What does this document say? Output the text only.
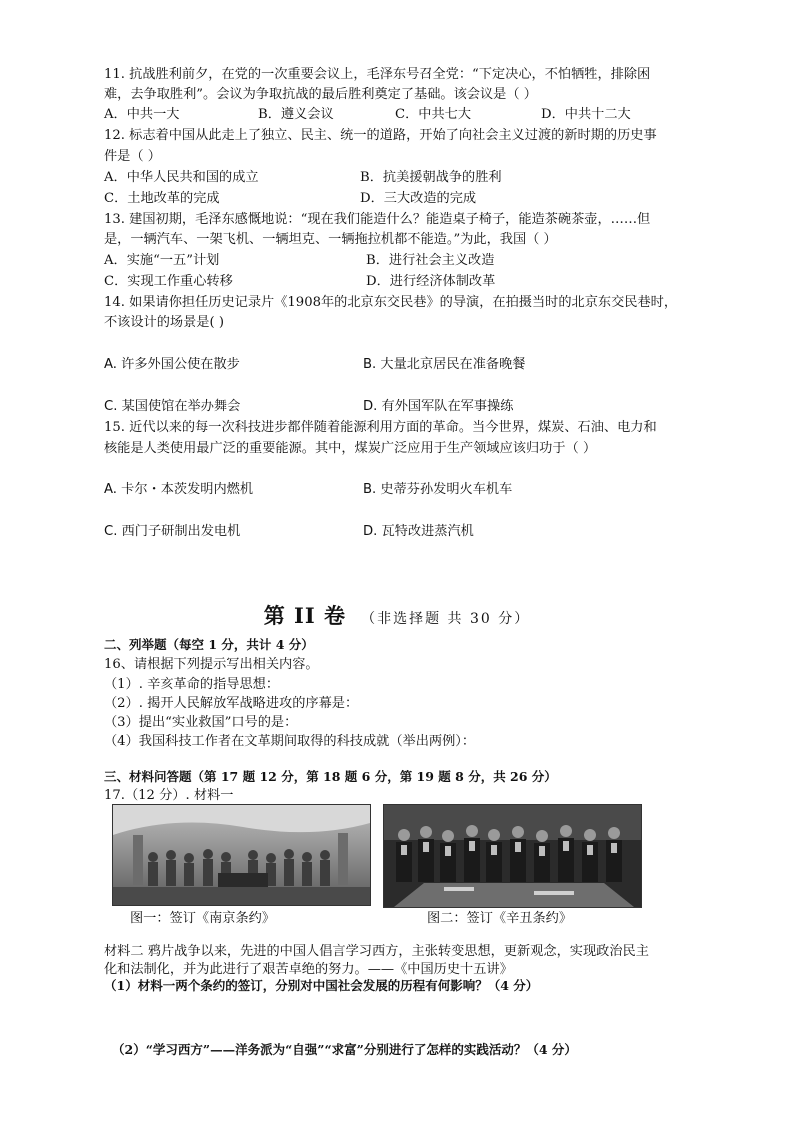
11. 抗战胜利前夕，在党的一次重要会议上，毛泽东号召全党：“下定决心，不怕牺牲，排除困
难，去争取胜利”。会议为争取抗战的最后胜利奠定了基础。该会议是（ ）
A．中共一大	B．遵义会议	C．中共七大	D．中共十二大
12. 标志着中国从此走上了独立、民主、统一的道路，开始了向社会主义过渡的新时期的历史事
件是（ ）
A．中华人民共和国的成立	B．抗美援朝战争的胜利
C．土地改革的完成	D．三大改造的完成
13. 建国初期，毛泽东感慨地说：“现在我们能造什么？能造桌子椅子，能造茶碗茶壶，……但
是，一辆汽车、一架飞机、一辆坦克、一辆拖拉机都不能造。”为此，我国（ ）
A．实施“一五”计划	B．进行社会主义改造
C．实现工作重心转移	D．进行经济体制改革
14. 如果请你担任历史记录片《1908年的北京东交民巷》的导演，在拍摄当时的北京东交民巷时，
不该设计的场景是( )
A. 许多外国公使在散步	B. 大量北京居民在准备晚餐
C. 某国使馆在举办舞会	D. 有外国军队在军事操练
15. 近代以来的每一次科技进步都伴随着能源利用方面的革命。当今世界，煤炭、石油、电力和
核能是人类使用最广泛的重要能源。其中，煤炭广泛应用于生产领域应该归功于（ ）
A. 卡尔・本茨发明内燃机	B. 史蒂芬孙发明火车机车
C. 西门子研制出发电机	D. 瓦特改进蒸汽机
第 II 卷 （非选择题 共 30 分）
二、列举题（每空 1 分，共计 4 分）
16、请根据下列提示写出相关内容。
（1）. 辛亥革命的指导思想：
（2）. 揭开人民解放军战略进攻的序幕是：
（3）提出“实业救国”口号的是：
（4）我国科技工作者在文革期间取得的科技成就（举出两例）：
三、材料问答题（第 17 题 12 分，第 18 题 6 分，第 19 题 8 分，共 26 分）
17.（12 分）. 材料一
图一：签订《南京条约》	图二：签订《辛丑条约》
材料二 鸦片战争以来，先进的中国人倡言学习西方，主张转变思想，更新观念，实现政治民主
化和法制化，并为此进行了艰苦卓绝的努力。——《中国历史十五讲》
（1）材料一两个条约的签订，分别对中国社会发展的历程有何影响？（4 分）
（2）“学习西方”——洋务派为“自强”“求富”分别进行了怎样的实践活动？（4 分）
